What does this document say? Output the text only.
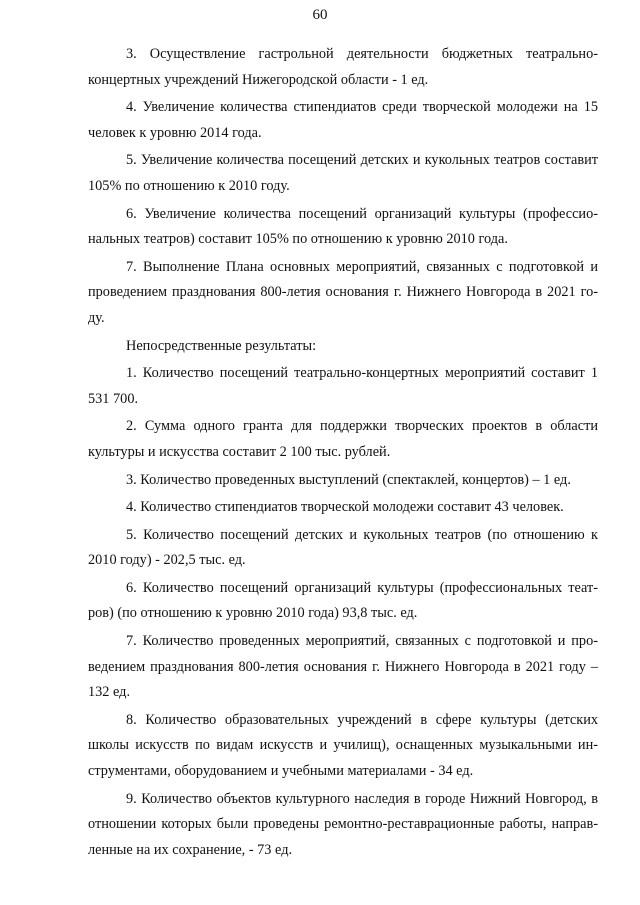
60

3. Осуществление гастрольной деятельности бюджетных театрально-концертных учреждений Нижегородской области - 1 ед.

4. Увеличение количества стипендиатов среди творческой молодежи на 15 человек к уровню 2014 года.

5. Увеличение количества посещений детских и кукольных театров составит 105% по отношению к 2010 году.

6. Увеличение количества посещений организаций культуры (профессио-нальных театров) составит 105% по отношению к уровню 2010 года.

7. Выполнение Плана основных мероприятий, связанных с подготовкой и проведением празднования 800-летия основания г. Нижнего Новгорода в 2021 го-ду.

Непосредственные результаты:

1. Количество посещений театрально-концертных мероприятий составит 1 531 700.

2. Сумма одного гранта для поддержки творческих проектов в области культуры и искусства составит 2 100 тыс. рублей.

3. Количество проведенных выступлений (спектаклей, концертов) – 1 ед.

4. Количество стипендиатов творческой молодежи составит 43 человек.

5. Количество посещений детских и кукольных театров (по отношению к 2010 году) - 202,5 тыс. ед.

6. Количество посещений организаций культуры (профессиональных теат-ров) (по отношению к уровню 2010 года) 93,8 тыс. ед.

7. Количество проведенных мероприятий, связанных с подготовкой и про-ведением празднования 800-летия основания г. Нижнего Новгорода в 2021 году – 132 ед.

8. Количество образовательных учреждений в сфере культуры (детских школы искусств по видам искусств и училищ), оснащенных музыкальными ин-струментами, оборудованием и учебными материалами - 34 ед.

9. Количество объектов культурного наследия в городе Нижний Новгород, в отношении которых были проведены ремонтно-реставрационные работы, направ-ленные на их сохранение, - 73 ед.
